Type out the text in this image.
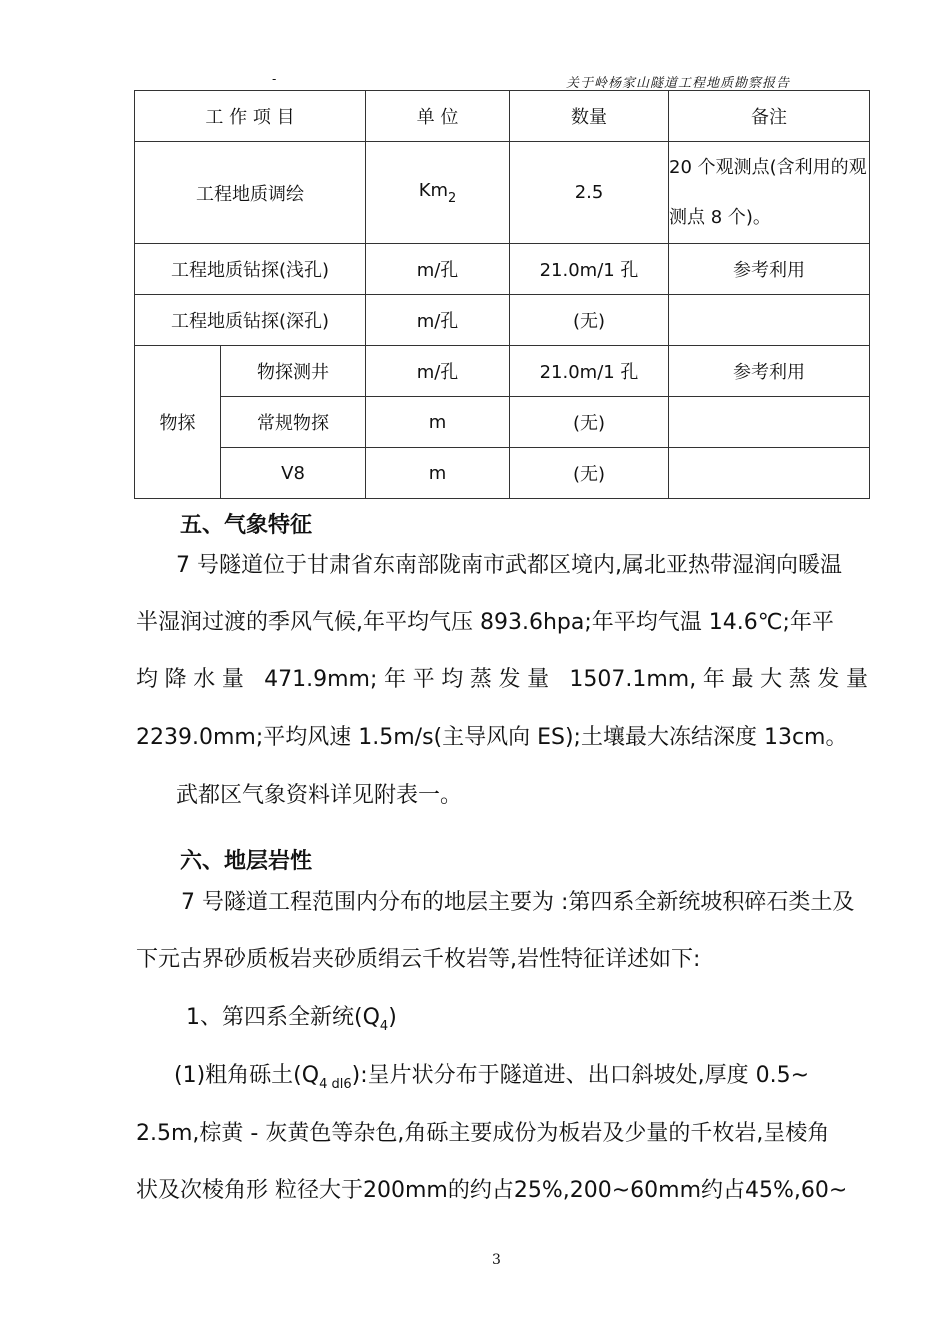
-	关于岭杨家山隧道工程地质勘察报告
工 作 项 目		单 位	数量	备注
工程地质调绘		$Km_2$	2.5	20 个观测点(含利用的观测点 8 个)。
工程地质钻探(浅孔)		m/孔	21.0m/1 孔	参考利用
工程地质钻探(深孔)		m/孔	(无)	
物探	物探测井	m/孔	21.0m/1 孔	参考利用
	常规物探	m	(无)	
	V8	m	(无)	
五、气象特征
7 号隧道位于甘肃省东南部陇南市武都区境内,属北亚热带湿润向暖温
半湿润过渡的季风气候,年平均气压 893.6hpa;年平均气温 14.6℃;年平
均降水量 471.9mm;年平均蒸发量 1507.1mm,年最大蒸发量
2239.0mm;平均风速 1.5m/s(主导风向 ES);土壤最大冻结深度 13cm。
武都区气象资料详见附表一。
六、地层岩性
7 号隧道工程范围内分布的地层主要为 :第四系全新统坡积碎石类土及
下元古界砂质板岩夹砂质绢云千枚岩等,岩性特征详述如下:
1、第四系全新统$(Q_4)$
(1)粗角砾土$(Q_{4 dl6})$:呈片状分布于隧道进、出口斜坡处,厚度 0.5~
2.5m,棕黄 - 灰黄色等杂色,角砾主要成份为板岩及少量的千枚岩,呈棱角
状及次棱角形 粒径大于200mm的约占25%,200~60mm约占45%,60~
3
